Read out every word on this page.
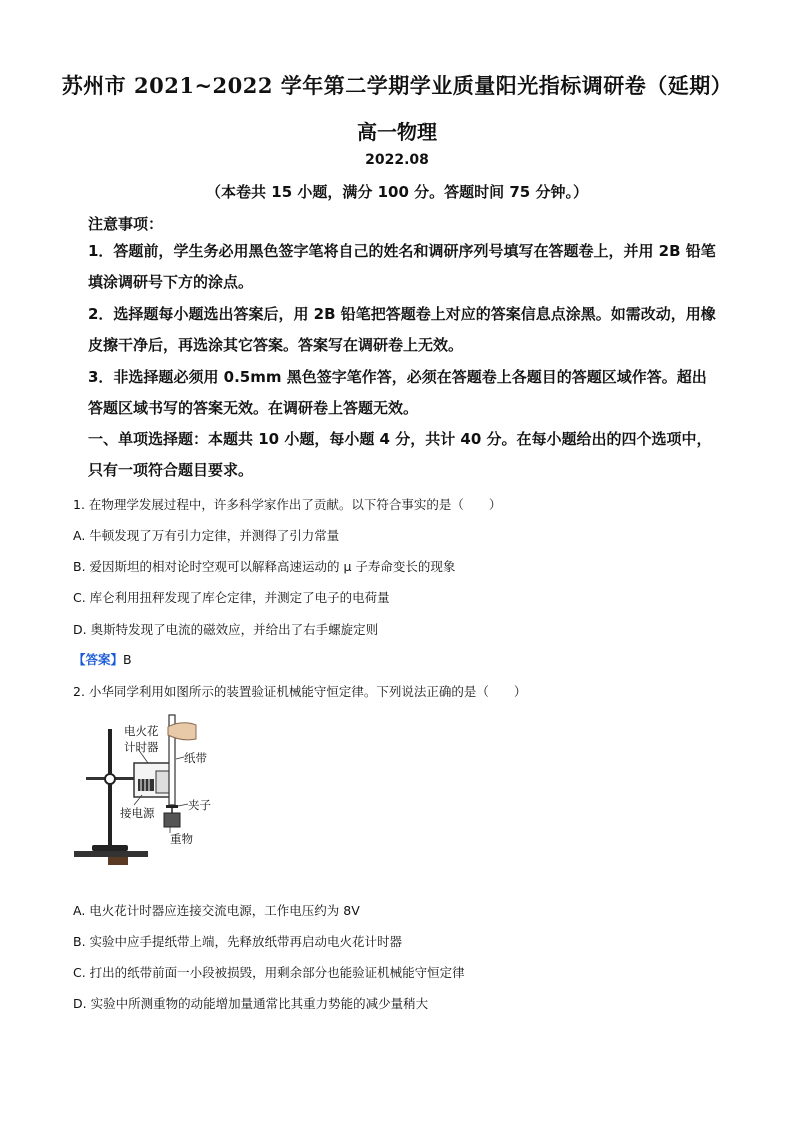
苏州市 2021~2022 学年第二学期学业质量阳光指标调研卷（延期）
高一物理
2022.08
（本卷共 15 小题，满分 100 分。答题时间 75 分钟。）
注意事项：

1．答题前，学生务必用黑色签字笔将自己的姓名和调研序列号填写在答题卷上，并用 2B 铅笔填涂调研号下方的涂点。

2．选择题每小题选出答案后，用 2B 铅笔把答题卷上对应的答案信息点涂黑。如需改动，用橡皮擦干净后，再选涂其它答案。答案写在调研卷上无效。

3．非选择题必须用 0.5mm 黑色签字笔作答，必须在答题卷上各题目的答题区域作答。超出答题区域书写的答案无效。在调研卷上答题无效。

一、单项选择题：本题共 10 小题，每小题 4 分，共计 40 分。在每小题给出的四个选项中，只有一项符合题目要求。
1. 在物理学发展过程中，许多科学家作出了贡献。以下符合事实的是（　　）
A. 牛顿发现了万有引力定律，并测得了引力常量
B. 爱因斯坦的相对论时空观可以解释高速运动的 μ 子寿命变长的现象
C. 库仑利用扭秤发现了库仑定律，并测定了电子的电荷量
D. 奥斯特发现了电流的磁效应，并给出了右手螺旋定则
【答案】B
2. 小华同学利用如图所示的装置验证机械能守恒定律。下列说法正确的是（　　）
电火花
计时器
纸带
接电源
夹子
重物
A. 电火花计时器应连接交流电源，工作电压约为 8V
B. 实验中应手提纸带上端，先释放纸带再启动电火花计时器
C. 打出的纸带前面一小段被损毁，用剩余部分也能验证机械能守恒定律
D. 实验中所测重物的动能增加量通常比其重力势能的减少量稍大
